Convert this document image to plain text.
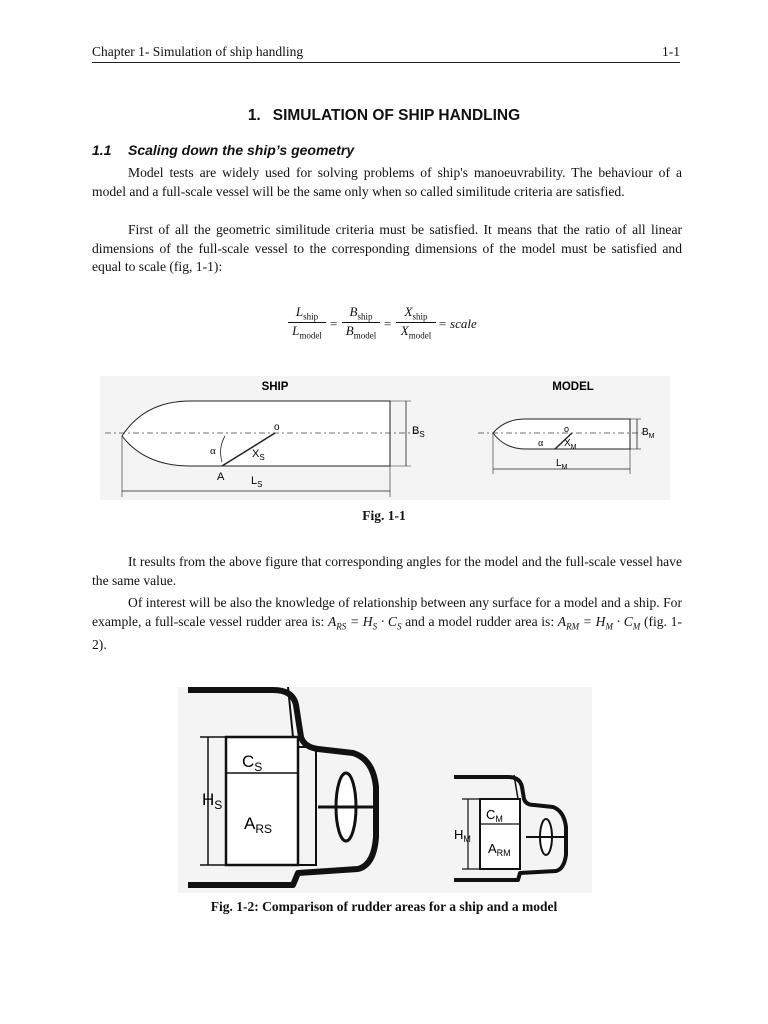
Chapter 1- Simulation of ship handling	1-1
1. SIMULATION OF SHIP HANDLING
1.1 Scaling down the ship’s geometry

Model tests are widely used for solving problems of ship's manoeuvrability. The behaviour of a model and a full-scale vessel will be the same only when so called similitude criteria are satisfied.

First of all the geometric similitude criteria must be satisfied. It means that the ratio of all linear dimensions of the full-scale vessel to the corresponding dimensions of the model must be satisfied and equal to scale (fig, 1-1):

$L_{ship}$
$L_{model}$
=
$B_{ship}$
$B_{model}$
=
$X_{ship}$
$X_{model}$
= scale
SHIP
α
o
$X_S$
A $L_S$
$B_S$
MODEL
α
o
$X_M$
$L_M$
$B_M$
Fig. 1-1

It results from the above figure that corresponding angles for the model and the full-scale vessel have the same value.

Of interest will be also the knowledge of relationship between any surface for a model and a ship. For example, a full-scale vessel rudder area is: $A_{RS} = H_S \cdot C_S$ and a model rudder area is: $A_{RM} = H_M \cdot C_M$ (fig. 1-2).

$C_S$
$H_S$
$A_{RS}$
$C_M$
$H_M$
$A_{RM}$
Fig. 1-2: Comparison of rudder areas for a ship and a model
